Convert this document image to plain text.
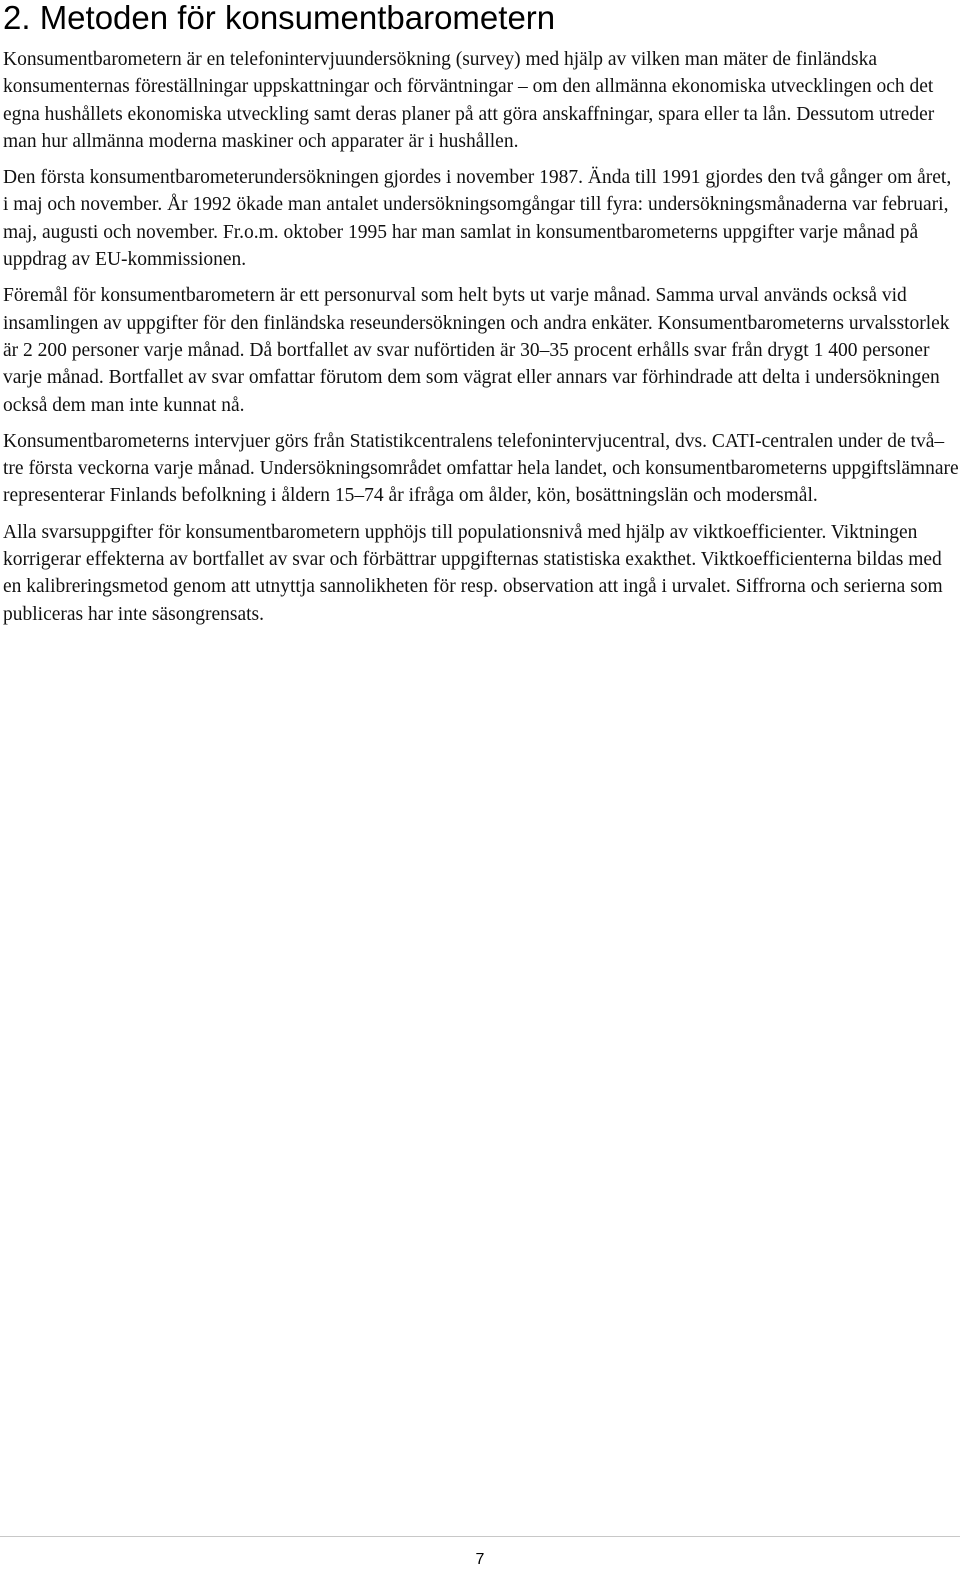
2. Metoden för konsumentbarometern

Konsumentbarometern är en telefonintervjuundersökning (survey) med hjälp av vilken man mäter de finländska konsumenternas föreställningar uppskattningar och förväntningar – om den allmänna ekonomiska utvecklingen och det egna hushållets ekonomiska utveckling samt deras planer på att göra anskaffningar, spara eller ta lån. Dessutom utreder man hur allmänna moderna maskiner och apparater är i hushållen.

Den första konsumentbarometerundersökningen gjordes i november 1987. Ända till 1991 gjordes den två gånger om året, i maj och november. År 1992 ökade man antalet undersökningsomgångar till fyra: undersökningsmånaderna var februari, maj, augusti och november. Fr.o.m. oktober 1995 har man samlat in konsumentbarometerns uppgifter varje månad på uppdrag av EU-kommissionen.

Föremål för konsumentbarometern är ett personurval som helt byts ut varje månad. Samma urval används också vid insamlingen av uppgifter för den finländska reseundersökningen och andra enkäter. Konsumentbarometerns urvalsstorlek är 2 200 personer varje månad. Då bortfallet av svar nuförtiden är 30–35 procent erhålls svar från drygt 1 400 personer varje månad. Bortfallet av svar omfattar förutom dem som vägrat eller annars var förhindrade att delta i undersökningen också dem man inte kunnat nå.

Konsumentbarometerns intervjuer görs från Statistikcentralens telefonintervjucentral, dvs. CATI-centralen under de två–tre första veckorna varje månad. Undersökningsområdet omfattar hela landet, och konsumentbarometerns uppgiftslämnare representerar Finlands befolkning i åldern 15–74 år ifråga om ålder, kön, bosättningslän och modersmål.

Alla svarsuppgifter för konsumentbarometern upphöjs till populationsnivå med hjälp av viktkoefficienter. Viktningen korrigerar effekterna av bortfallet av svar och förbättrar uppgifternas statistiska exakthet. Viktkoefficienterna bildas med en kalibreringsmetod genom att utnyttja sannolikheten för resp. observation att ingå i urvalet. Siffrorna och serierna som publiceras har inte säsongrensats.

7
